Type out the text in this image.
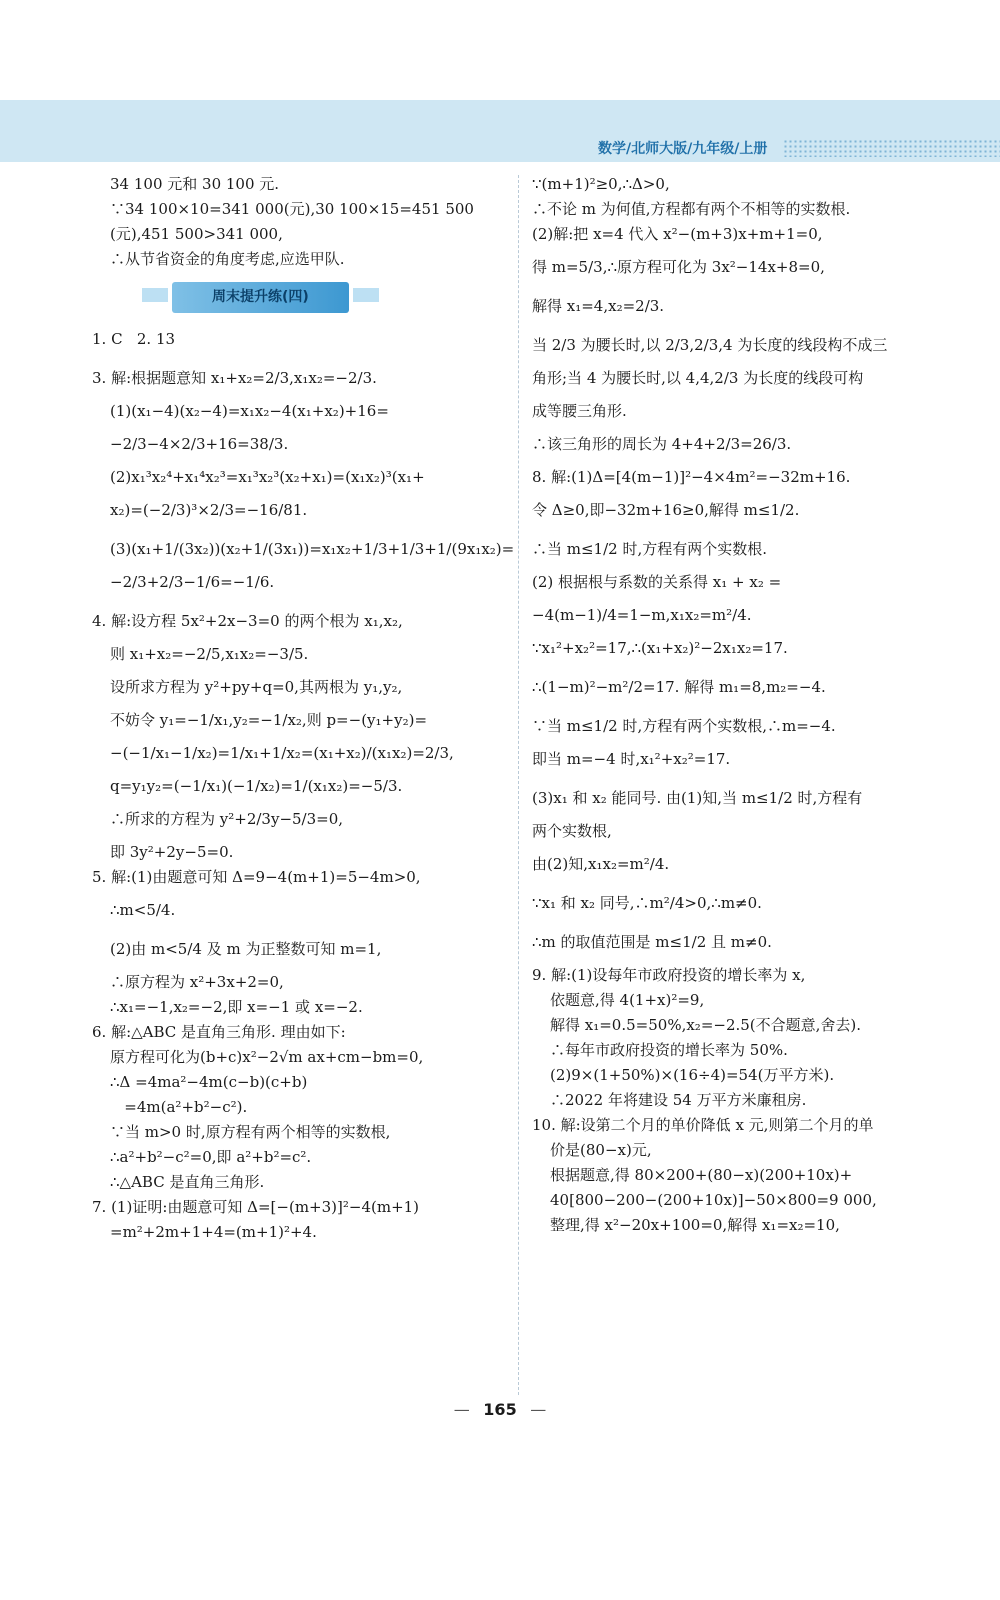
数学/北师大版/九年级/上册
34 100 元和 30 100 元.
∵34 100×10=341 000(元),30 100×15=451 500
(元),451 500>341 000,
∴从节省资金的角度考虑,应选甲队.
周末提升练(四)
1. C   2. 13
3. 解:根据题意知 x₁+x₂=2/3,x₁x₂=−2/3.
(1)(x₁−4)(x₂−4)=x₁x₂−4(x₁+x₂)+16=
−2/3−4×2/3+16=38/3.
(2)x₁³x₂⁴+x₁⁴x₂³=x₁³x₂³(x₂+x₁)=(x₁x₂)³(x₁+
x₂)=(−2/3)³×2/3=−16/81.
(3)(x₁+1/(3x₂))(x₂+1/(3x₁))=x₁x₂+1/3+1/3+1/(9x₁x₂)=
−2/3+2/3−1/6=−1/6.
4. 解:设方程 5x²+2x−3=0 的两个根为 x₁,x₂,
则 x₁+x₂=−2/5,x₁x₂=−3/5.
设所求方程为 y²+py+q=0,其两根为 y₁,y₂,
不妨令 y₁=−1/x₁,y₂=−1/x₂,则 p=−(y₁+y₂)=
−(−1/x₁−1/x₂)=1/x₁+1/x₂=(x₁+x₂)/(x₁x₂)=2/3,
q=y₁y₂=(−1/x₁)(−1/x₂)=1/(x₁x₂)=−5/3.
∴所求的方程为 y²+2/3y−5/3=0,
即 3y²+2y−5=0.
5. 解:(1)由题意可知 Δ=9−4(m+1)=5−4m>0,
∴m<5/4.
(2)由 m<5/4 及 m 为正整数可知 m=1,
∴原方程为 x²+3x+2=0,
∴x₁=−1,x₂=−2,即 x=−1 或 x=−2.
6. 解:△ABC 是直角三角形. 理由如下:
原方程可化为(b+c)x²−2√m ax+cm−bm=0,
∴Δ =4ma²−4m(c−b)(c+b)
=4m(a²+b²−c²).
∵当 m>0 时,原方程有两个相等的实数根,
∴a²+b²−c²=0,即 a²+b²=c².
∴△ABC 是直角三角形.
7. (1)证明:由题意可知 Δ=[−(m+3)]²−4(m+1)
=m²+2m+1+4=(m+1)²+4.
∵(m+1)²≥0,∴Δ>0,
∴不论 m 为何值,方程都有两个不相等的实数根.
(2)解:把 x=4 代入 x²−(m+3)x+m+1=0,
得 m=5/3,∴原方程可化为 3x²−14x+8=0,
解得 x₁=4,x₂=2/3.
当 2/3 为腰长时,以 2/3,2/3,4 为长度的线段构不成三
角形;当 4 为腰长时,以 4,4,2/3 为长度的线段可构
成等腰三角形.
∴该三角形的周长为 4+4+2/3=26/3.
8. 解:(1)Δ=[4(m−1)]²−4×4m²=−32m+16.
令 Δ≥0,即−32m+16≥0,解得 m≤1/2.
∴当 m≤1/2 时,方程有两个实数根.
(2) 根据根与系数的关系得 x₁ + x₂ =
−4(m−1)/4=1−m,x₁x₂=m²/4.
∵x₁²+x₂²=17,∴(x₁+x₂)²−2x₁x₂=17.
∴(1−m)²−m²/2=17. 解得 m₁=8,m₂=−4.
∵当 m≤1/2 时,方程有两个实数根,∴m=−4.
即当 m=−4 时,x₁²+x₂²=17.
(3)x₁ 和 x₂ 能同号. 由(1)知,当 m≤1/2 时,方程有
两个实数根,
由(2)知,x₁x₂=m²/4.
∵x₁ 和 x₂ 同号,∴m²/4>0,∴m≠0.
∴m 的取值范围是 m≤1/2 且 m≠0.
9. 解:(1)设每年市政府投资的增长率为 x,
依题意,得 4(1+x)²=9,
解得 x₁=0.5=50%,x₂=−2.5(不合题意,舍去).
∴每年市政府投资的增长率为 50%.
(2)9×(1+50%)×(16÷4)=54(万平方米).
∴2022 年将建设 54 万平方米廉租房.
10. 解:设第二个月的单价降低 x 元,则第二个月的单
价是(80−x)元,
根据题意,得 80×200+(80−x)(200+10x)+
40[800−200−(200+10x)]−50×800=9 000,
整理,得 x²−20x+100=0,解得 x₁=x₂=10,
— 165 —
